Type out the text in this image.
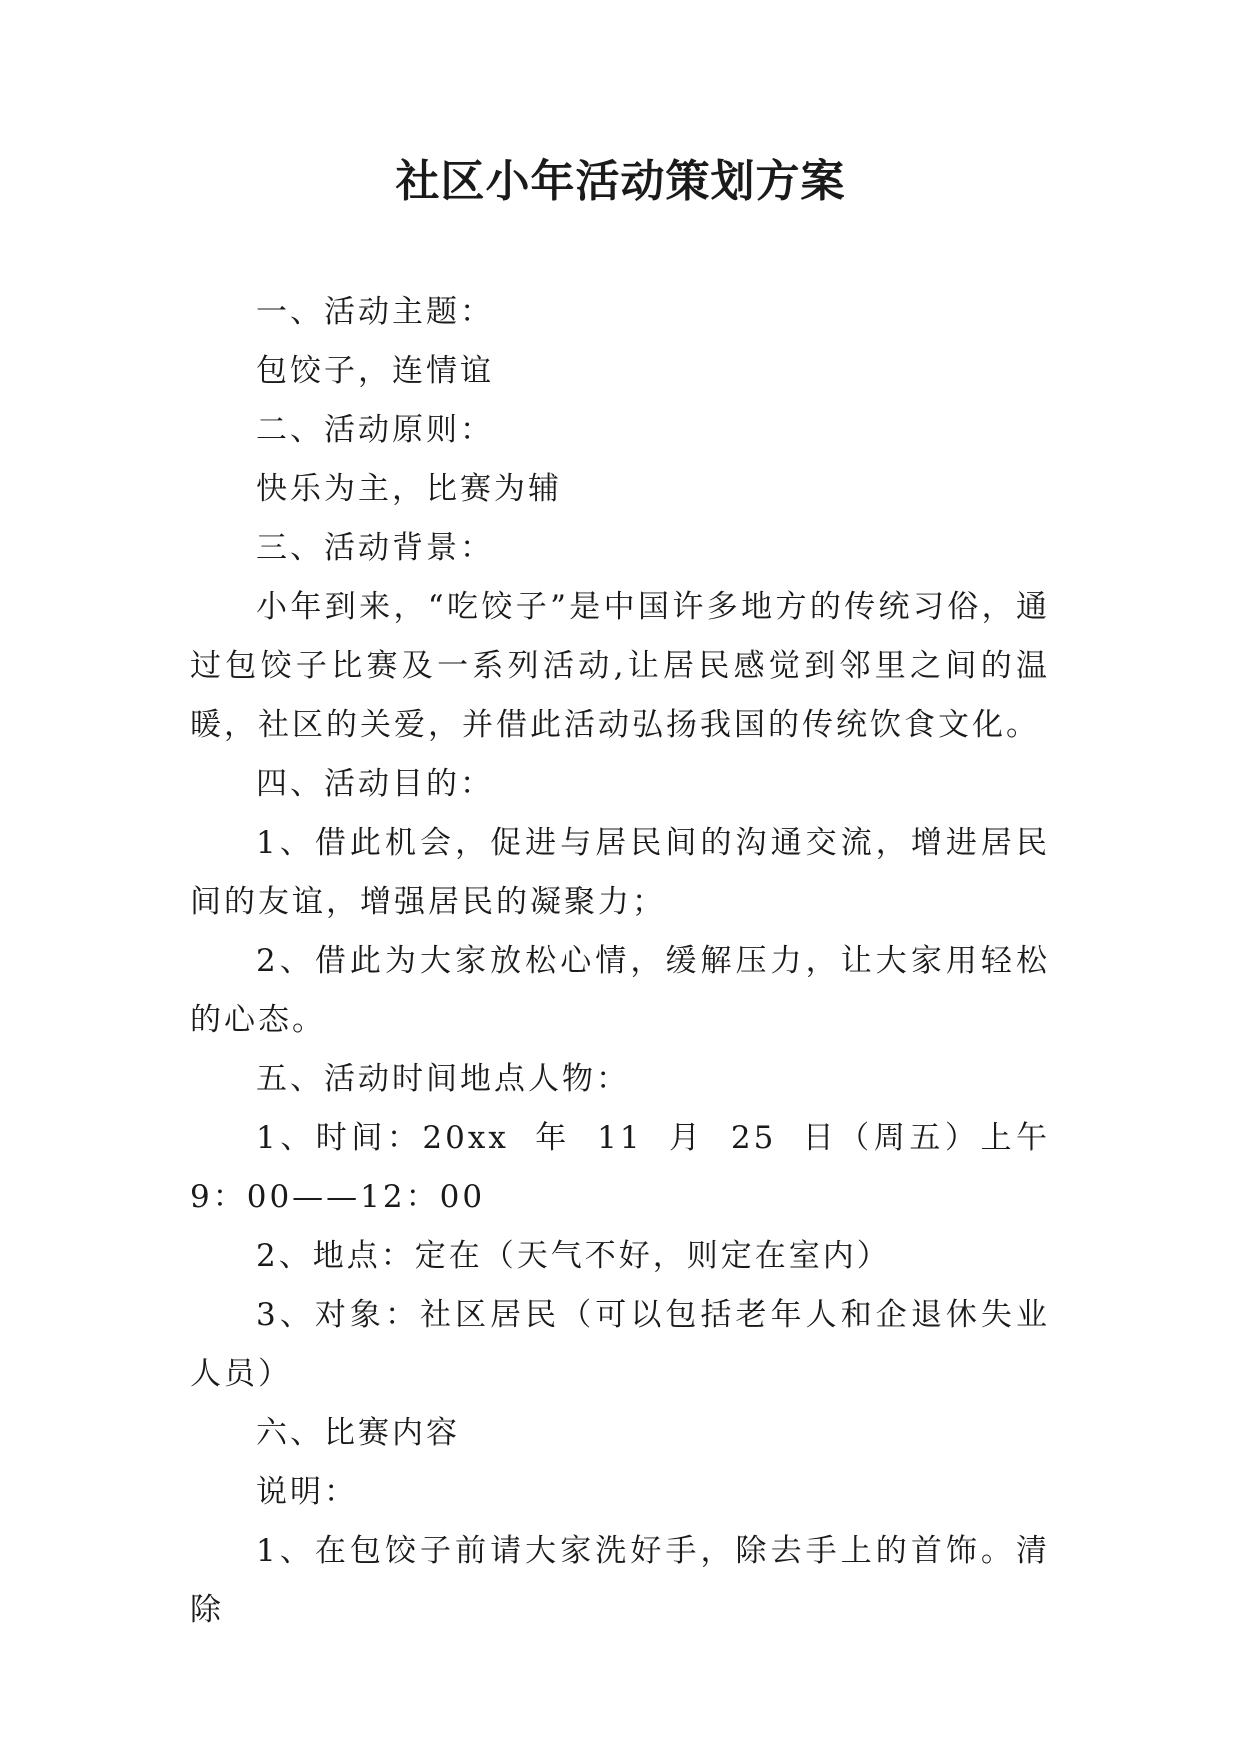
社区小年活动策划方案

一、活动主题：

包饺子，连情谊

二、活动原则：

快乐为主，比赛为辅

三、活动背景：

小年到来，“吃饺子”是中国许多地方的传统习俗，通过包饺子比赛及一系列活动,让居民感觉到邻里之间的温暖，社区的关爱，并借此活动弘扬我国的传统饮食文化。

四、活动目的：

1、借此机会，促进与居民间的沟通交流，增进居民间的友谊，增强居民的凝聚力；

2、借此为大家放松心情，缓解压力，让大家用轻松的心态。

五、活动时间地点人物：

1、时间：20xx 年 11 月 25 日（周五）上午 9：00——12：00

2、地点：定在（天气不好，则定在室内）

3、对象：社区居民（可以包括老年人和企退休失业人员）

六、比赛内容

说明：

1、在包饺子前请大家洗好手，除去手上的首饰。清除
